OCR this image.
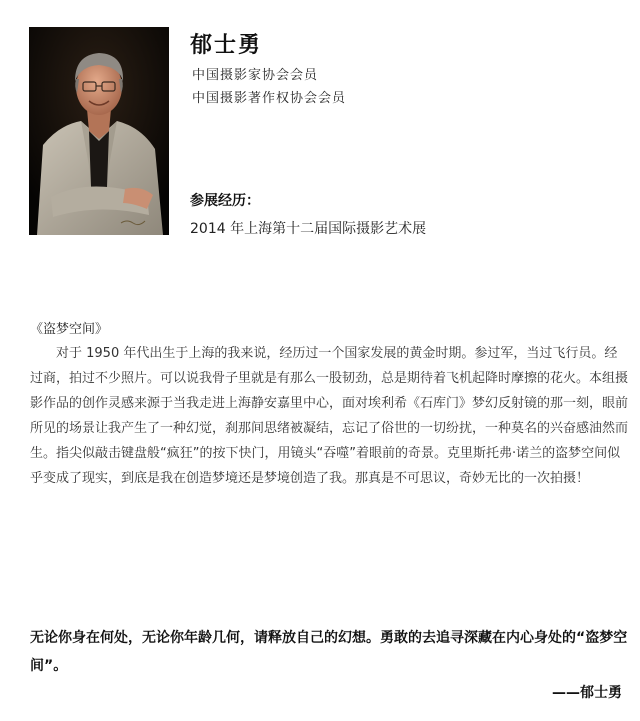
郁士勇
中国摄影家协会会员
中国摄影著作权协会会员
参展经历：
2014 年上海第十二届国际摄影艺术展
《盗梦空间》

对于 1950 年代出生于上海的我来说，经历过一个国家发展的黄金时期。参过军，当过飞行员。经过商，拍过不少照片。可以说我骨子里就是有那么一股韧劲，总是期待着飞机起降时摩擦的花火。本组摄影作品的创作灵感来源于当我走进上海静安嘉里中心，面对埃利希《石库门》梦幻反射镜的那一刻，眼前所见的场景让我产生了一种幻觉，刹那间思绪被凝结，忘记了俗世的一切纷扰，一种莫名的兴奋感油然而生。指尖似敲击键盘般“疯狂”的按下快门，用镜头“吞噬”着眼前的奇景。克里斯托弗·诺兰的盗梦空间似乎变成了现实，到底是我在创造梦境还是梦境创造了我。那真是不可思议，奇妙无比的一次拍摄！

无论你身在何处，无论你年龄几何，请释放自己的幻想。勇敢的去追寻深藏在内心身处的“盗梦空间”。

——郁士勇
